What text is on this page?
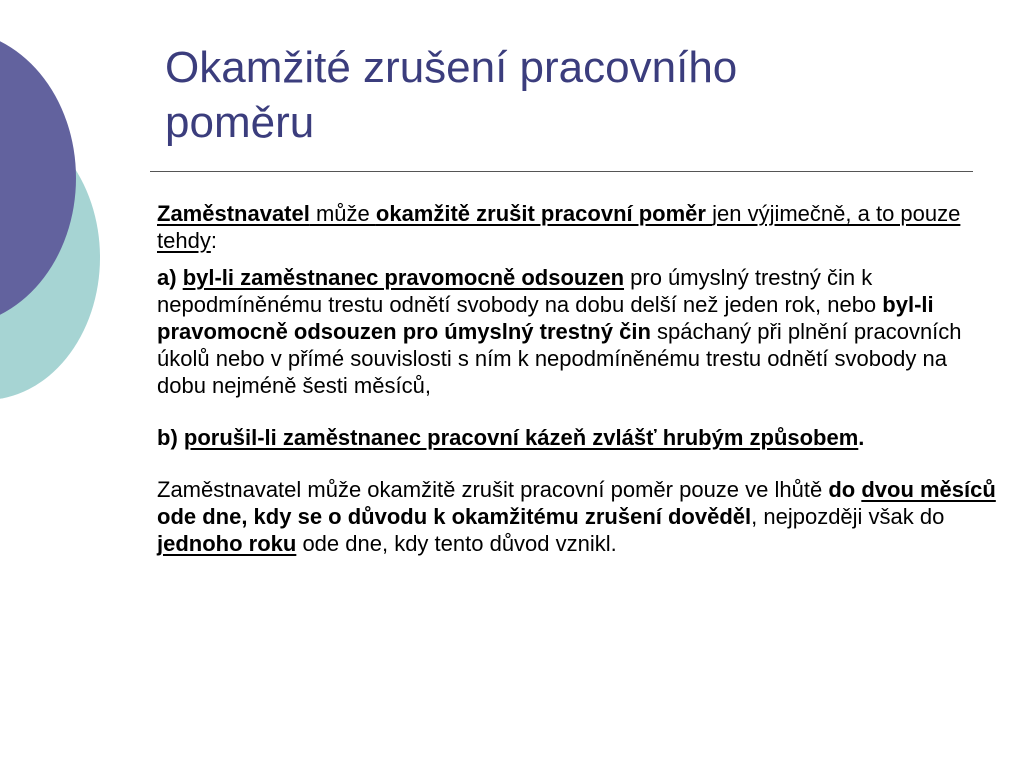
Okamžité zrušení pracovního
poměru

Zaměstnavatel může okamžitě zrušit pracovní poměr jen výjimečně, a to pouze tehdy:

a) byl-li zaměstnanec pravomocně odsouzen pro úmyslný trestný čin k nepodmíněnému trestu odnětí svobody na dobu delší než jeden rok, nebo byl-li pravomocně odsouzen pro úmyslný trestný čin spáchaný při plnění pracovních úkolů nebo v přímé souvislosti s ním k nepodmíněnému trestu odnětí svobody na dobu nejméně šesti měsíců,

b) porušil-li zaměstnanec pracovní kázeň zvlášť hrubým způsobem.

Zaměstnavatel může okamžitě zrušit pracovní poměr pouze ve lhůtě do dvou měsíců ode dne, kdy se o důvodu k okamžitému zrušení dověděl, nejpozději však do jednoho roku ode dne, kdy tento důvod vznikl.
